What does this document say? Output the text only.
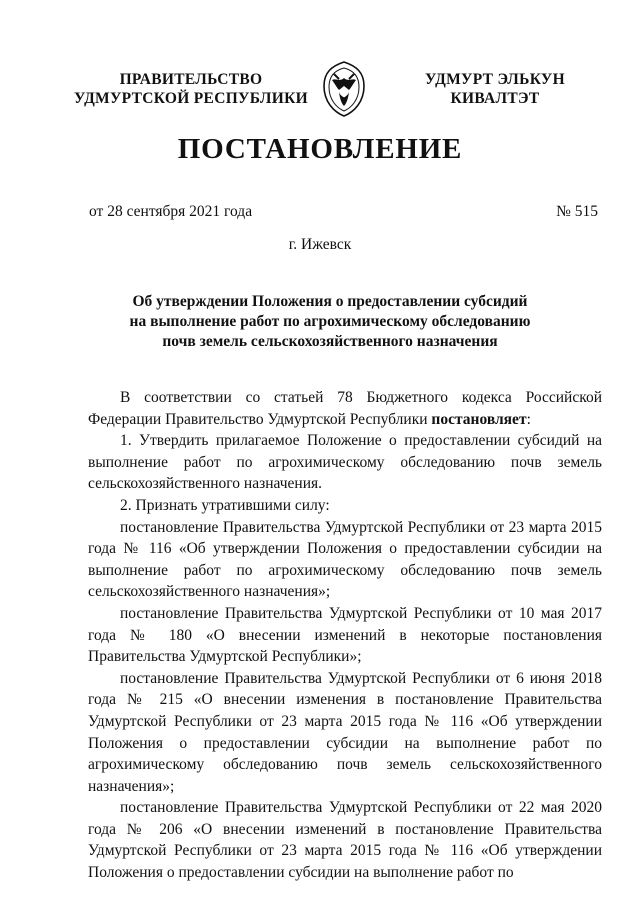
ПРАВИТЕЛЬСТВО
УДМУРТСКОЙ РЕСПУБЛИКИ
УДМУРТ ЭЛЬКУН
КИВАЛТЭТ
ПОСТАНОВЛЕНИЕ
от 28 сентября 2021 года	№ 515
г. Ижевск
Об утверждении Положения о предоставлении субсидий
на выполнение работ по агрохимическому обследованию
почв земель сельскохозяйственного назначения

В соответствии со статьей 78 Бюджетного кодекса Российской Федерации Правительство Удмуртской Республики постановляет:

1. Утвердить прилагаемое Положение о предоставлении субсидий на выполнение работ по агрохимическому обследованию почв земель сельскохозяйственного назначения.

2. Признать утратившими силу:

постановление Правительства Удмуртской Республики от 23 марта 2015 года № 116 «Об утверждении Положения о предоставлении субсидии на выполнение работ по агрохимическому обследованию почв земель сельскохозяйственного назначения»;

постановление Правительства Удмуртской Республики от 10 мая 2017 года № 180 «О внесении изменений в некоторые постановления Правительства Удмуртской Республики»;

постановление Правительства Удмуртской Республики от 6 июня 2018 года № 215 «О внесении изменения в постановление Правительства Удмуртской Республики от 23 марта 2015 года № 116 «Об утверждении Положения о предоставлении субсидии на выполнение работ по агрохимическому обследованию почв земель сельскохозяйственного назначения»;

постановление Правительства Удмуртской Республики от 22 мая 2020 года № 206 «О внесении изменений в постановление Правительства Удмуртской Республики от 23 марта 2015 года № 116 «Об утверждении Положения о предоставлении субсидии на выполнение работ по
